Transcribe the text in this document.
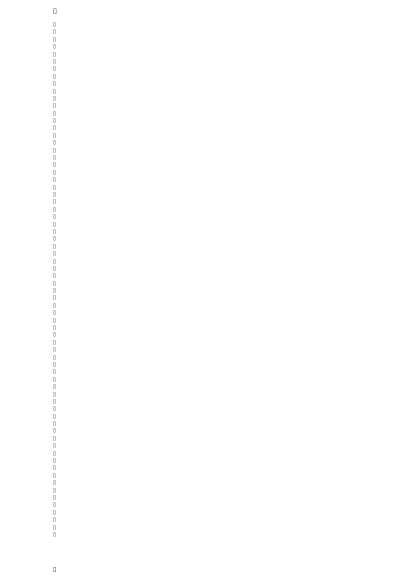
▯
▯
▯
▯
▯
▯
▯
▯
▯
▯
▯
▯
▯
▯
▯
▯
▯
▯
▯
▯
▯
▯
▯
▯
▯
▯
▯
▯
▯
▯
▯
▯
▯
▯
▯
▯
▯
▯
▯
▯
▯
▯
▯
▯
▯
▯
▯
▯
▯
▯
▯
▯
▯
▯
▯
▯
▯
▯
▯
▯
▯
▯
▯
▯
▯
▯
▯
▯
▯
▯
▯
▯
